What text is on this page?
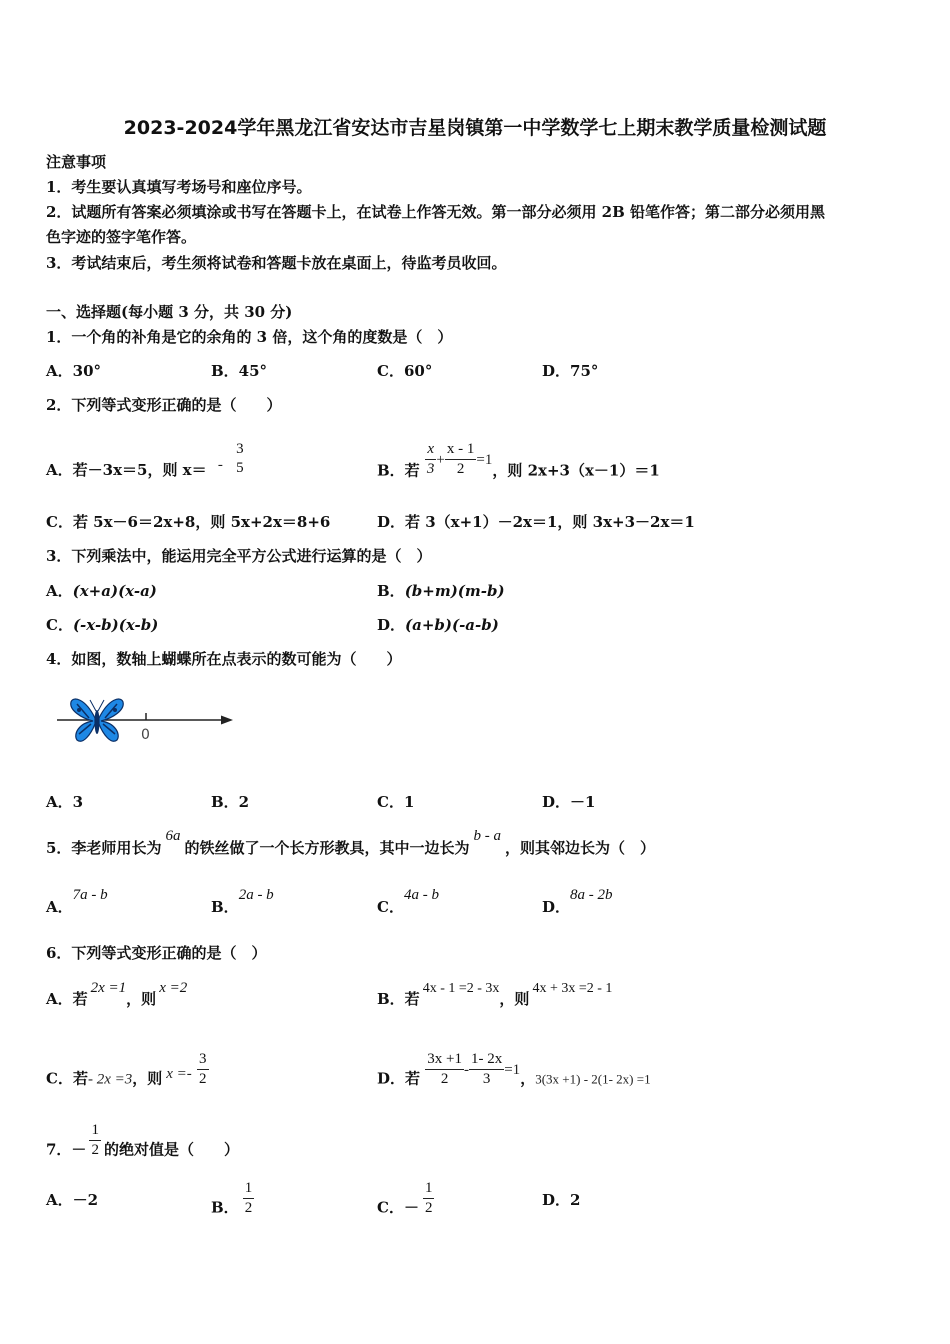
2023-2024学年黑龙江省安达市吉星岗镇第一中学数学七上期末教学质量检测试题
注意事项
1．考生要认真填写考场号和座位序号。
2．试题所有答案必须填涂或书写在答题卡上，在试卷上作答无效。第一部分必须用 2B 铅笔作答；第二部分必须用黑
色字迹的签字笔作答。
3．考试结束后，考生须将试卷和答题卡放在桌面上，待监考员收回。
一、选择题(每小题 3 分，共 30 分)
1．一个角的补角是它的余角的 3 倍，这个角的度数是（　）
A．30°	B．45°	C．60°	D．75°
2．下列等式变形正确的是（　　）
A．若－3x＝5，则 x＝ -
3
5	B．若 $\frac{x}{3} + \frac{x - 1}{2} =1$，则 2x+3（x－1）＝1
C．若 5x－6＝2x+8，则 5x+2x＝8+6	D．若 3（x+1）－2x＝1，则 3x+3－2x＝1
3．下列乘法中，能运用完全平方公式进行运算的是（　）
A．(x+a)(x-a)	B．(b+m)(m-b)
C．(-x-b)(x-b)	D．(a+b)(-a-b)
4．如图，数轴上蝴蝶所在点表示的数可能为（　　）
0
A．3	B．2	C．1	D．－1
5．李老师用长为6a的铁丝做了一个长方形教具，其中一边长为b - a，则其邻边长为（　）
A．7a - b
B．2a - b
C．4a - b
D．8a - 2b
6．下列等式变形正确的是（　）
A．若2x =1，则x =2
B．若4x - 1 =2 - 3x，则4x + 3x =2 - 1
C．若- 2x =3，则 $x =- \frac{3}{2}$	D．若 $\frac{3x +1}{2} - \frac{1- 2x}{3} =1$，3(3x +1) - 2(1- 2x) =1
7．－ $\frac{1}{2}$ 的绝对值是（　　）
A．－2	B． $\frac{1}{2}$	C．－ $\frac{1}{2}$	D．2
